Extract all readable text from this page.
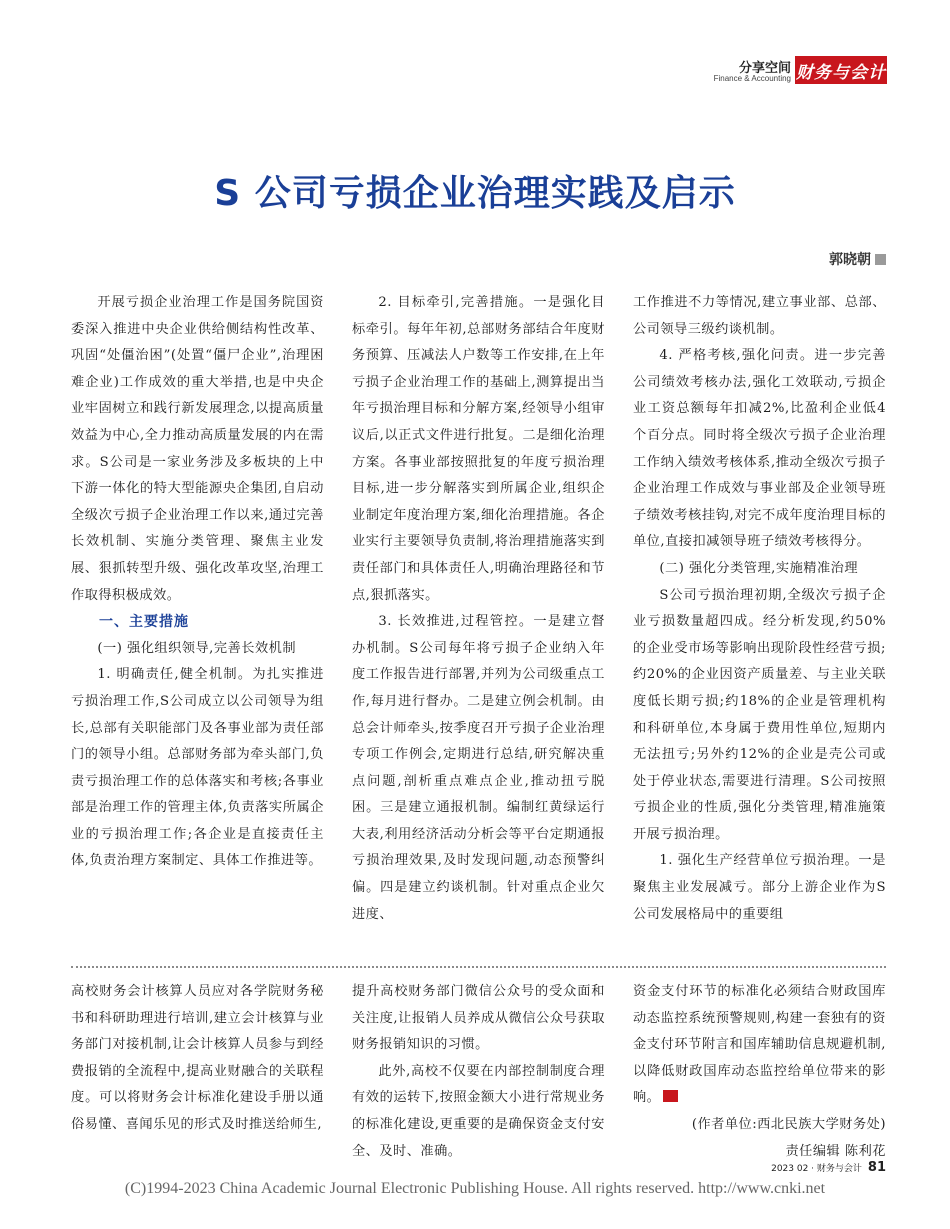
分享空间
Finance & Accounting 财务与会计
S 公司亏损企业治理实践及启示
郭晓朝

开展亏损企业治理工作是国务院国资委深入推进中央企业供给侧结构性改革、巩固“处僵治困”(处置“僵尸企业”,治理困难企业)工作成效的重大举措,也是中央企业牢固树立和践行新发展理念,以提高质量效益为中心,全力推动高质量发展的内在需求。S公司是一家业务涉及多板块的上中下游一体化的特大型能源央企集团,自启动全级次亏损子企业治理工作以来,通过完善长效机制、实施分类管理、聚焦主业发展、狠抓转型升级、强化改革攻坚,治理工作取得积极成效。

一、主要措施

(一) 强化组织领导,完善长效机制

1. 明确责任,健全机制。为扎实推进亏损治理工作,S公司成立以公司领导为组长,总部有关职能部门及各事业部为责任部门的领导小组。总部财务部为牵头部门,负责亏损治理工作的总体落实和考核;各事业部是治理工作的管理主体,负责落实所属企业的亏损治理工作;各企业是直接责任主体,负责治理方案制定、具体工作推进等。

2. 目标牵引,完善措施。一是强化目标牵引。每年年初,总部财务部结合年度财务预算、压减法人户数等工作安排,在上年亏损子企业治理工作的基础上,测算提出当年亏损治理目标和分解方案,经领导小组审议后,以正式文件进行批复。二是细化治理方案。各事业部按照批复的年度亏损治理目标,进一步分解落实到所属企业,组织企业制定年度治理方案,细化治理措施。各企业实行主要领导负责制,将治理措施落实到责任部门和具体责任人,明确治理路径和节点,狠抓落实。

3. 长效推进,过程管控。一是建立督办机制。S公司每年将亏损子企业纳入年度工作报告进行部署,并列为公司级重点工作,每月进行督办。二是建立例会机制。由总会计师牵头,按季度召开亏损子企业治理专项工作例会,定期进行总结,研究解决重点问题,剖析重点难点企业,推动扭亏脱困。三是建立通报机制。编制红黄绿运行大表,利用经济活动分析会等平台定期通报亏损治理效果,及时发现问题,动态预警纠偏。四是建立约谈机制。针对重点企业欠进度、

工作推进不力等情况,建立事业部、总部、公司领导三级约谈机制。

4. 严格考核,强化问责。进一步完善公司绩效考核办法,强化工效联动,亏损企业工资总额每年扣减2%,比盈利企业低4个百分点。同时将全级次亏损子企业治理工作纳入绩效考核体系,推动全级次亏损子企业治理工作成效与事业部及企业领导班子绩效考核挂钩,对完不成年度治理目标的单位,直接扣减领导班子绩效考核得分。

(二) 强化分类管理,实施精准治理

S公司亏损治理初期,全级次亏损子企业亏损数量超四成。经分析发现,约50%的企业受市场等影响出现阶段性经营亏损;约20%的企业因资产质量差、与主业关联度低长期亏损;约18%的企业是管理机构和科研单位,本身属于费用性单位,短期内无法扭亏;另外约12%的企业是壳公司或处于停业状态,需要进行清理。S公司按照亏损企业的性质,强化分类管理,精准施策开展亏损治理。

1. 强化生产经营单位亏损治理。一是聚焦主业发展减亏。部分上游企业作为S公司发展格局中的重要组

高校财务会计核算人员应对各学院财务秘书和科研助理进行培训,建立会计核算与业务部门对接机制,让会计核算人员参与到经费报销的全流程中,提高业财融合的关联程度。可以将财务会计标准化建设手册以通俗易懂、喜闻乐见的形式及时推送给师生,

提升高校财务部门微信公众号的受众面和关注度,让报销人员养成从微信公众号获取财务报销知识的习惯。

此外,高校不仅要在内部控制制度合理有效的运转下,按照金额大小进行常规业务的标准化建设,更重要的是确保资金支付安全、及时、准确。

资金支付环节的标准化必须结合财政国库动态监控系统预警规则,构建一套独有的资金支付环节附言和国库辅助信息规避机制,以降低财政国库动态监控给单位带来的影响。

(作者单位:西北民族大学财务处)

责任编辑 陈利花

2023 02 · 财务与会计 81
(C)1994-2023 China Academic Journal Electronic Publishing House. All rights reserved. http://www.cnki.net
